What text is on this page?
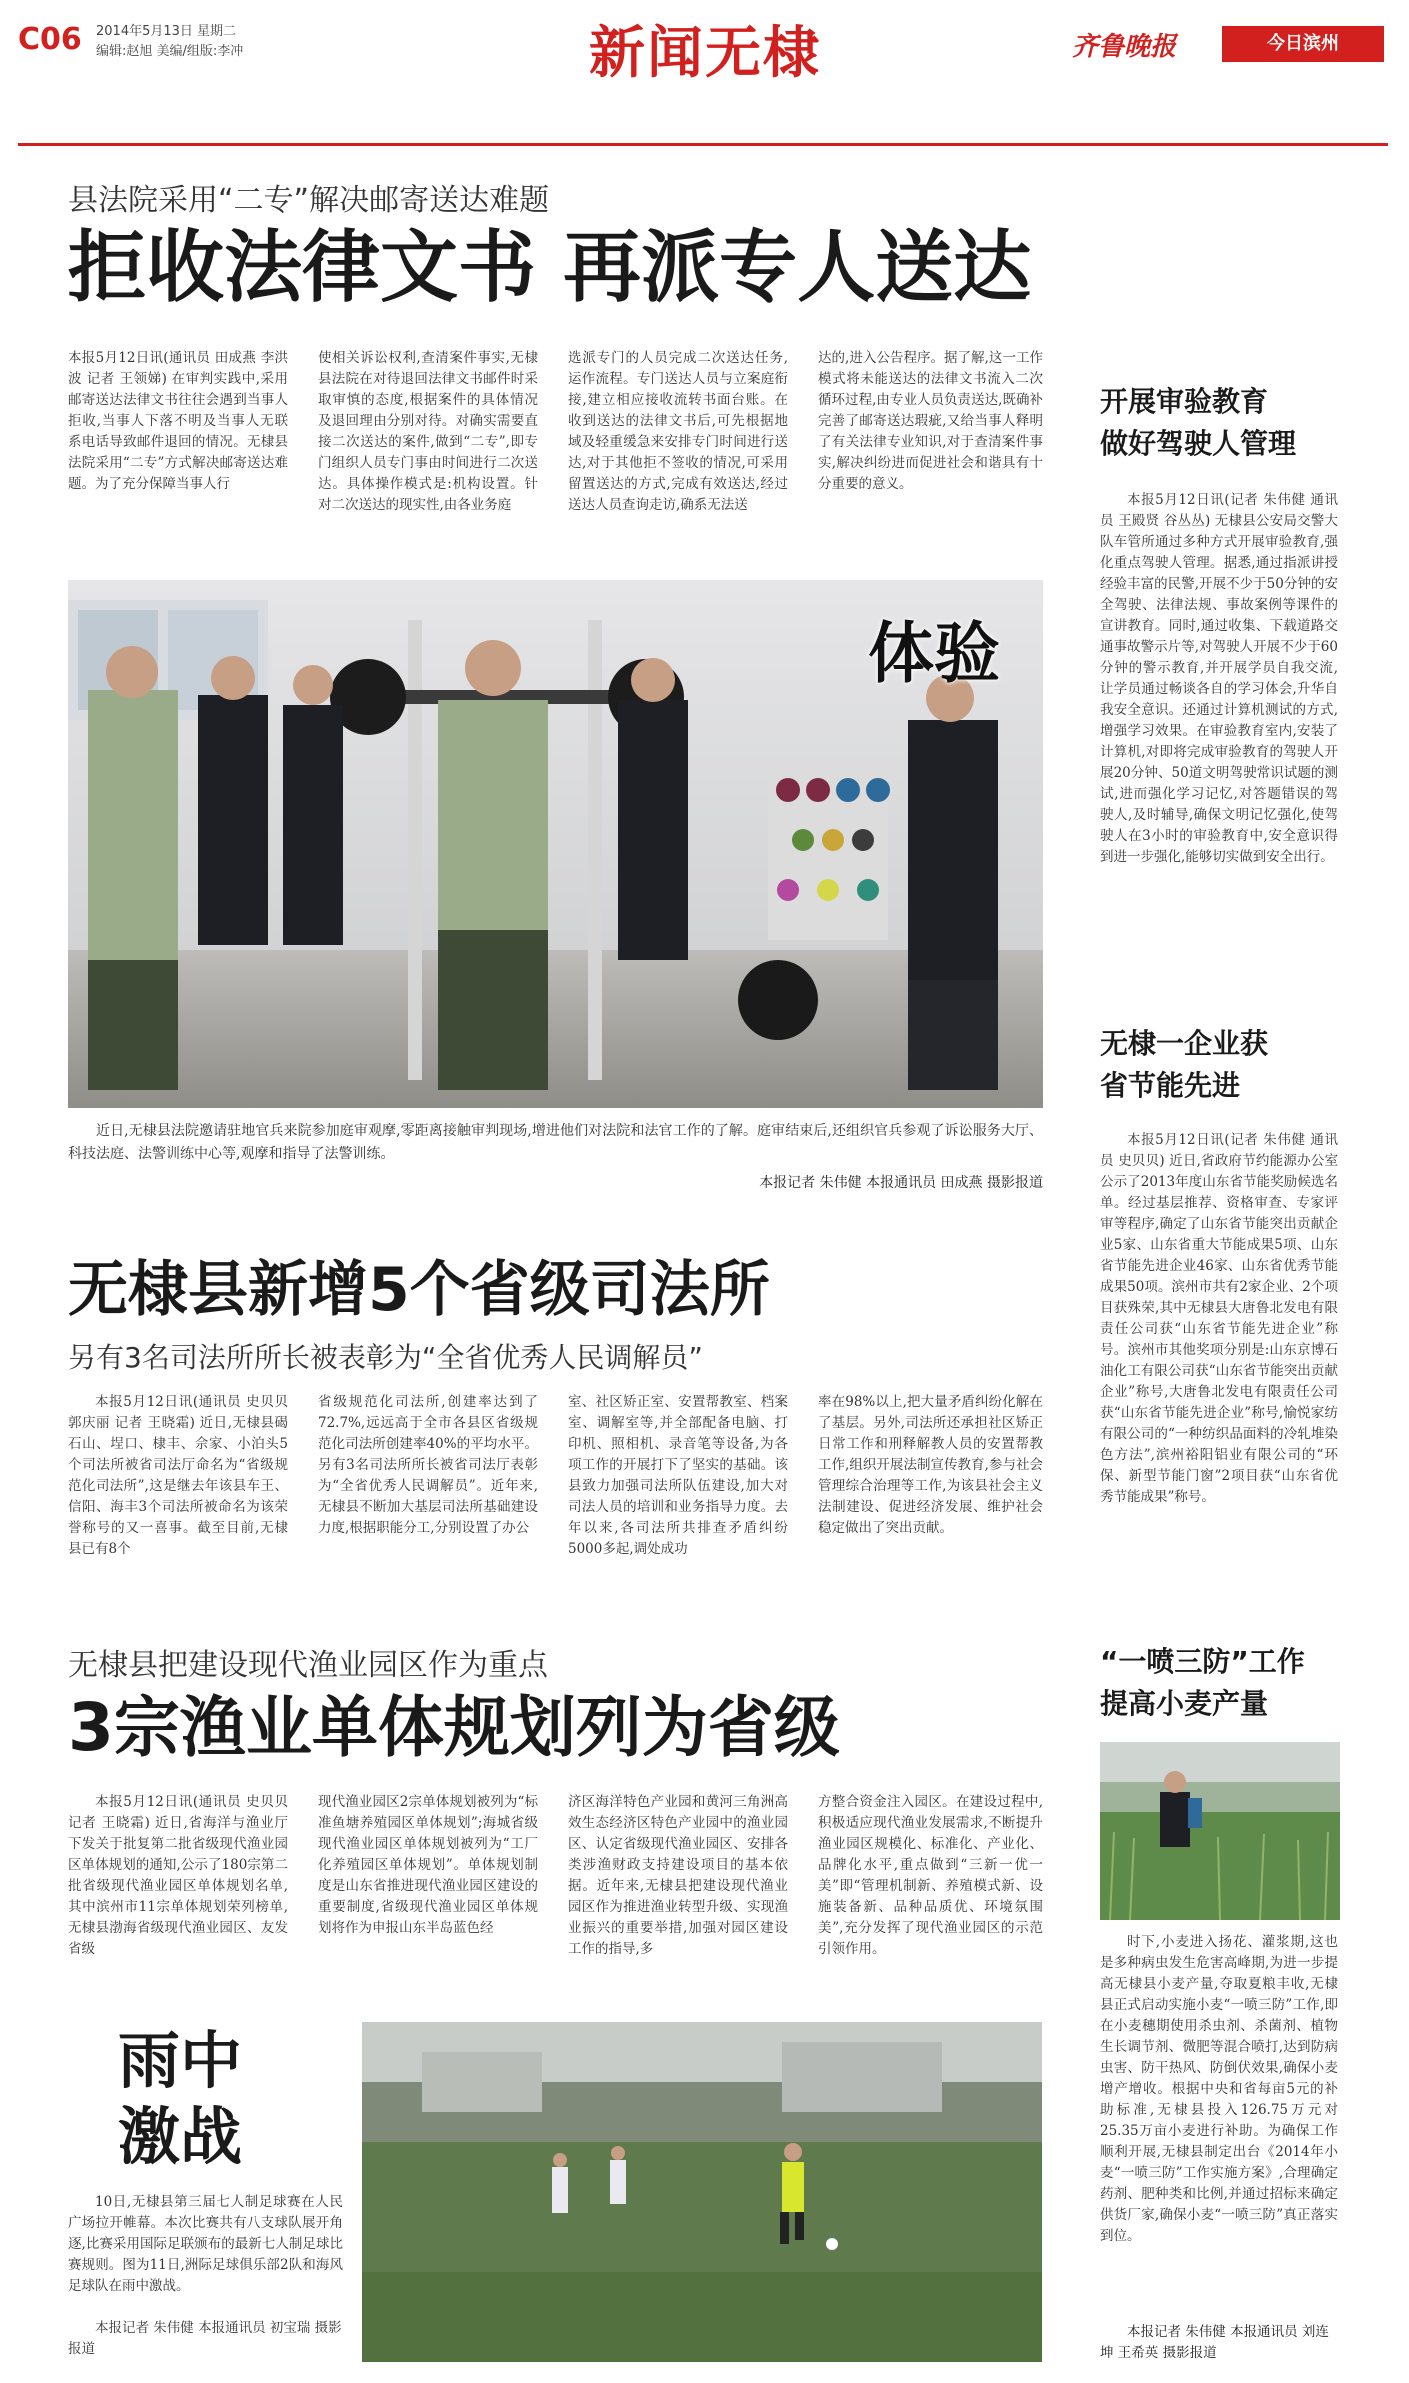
C06 2014年5月13日 星期二
编辑:赵旭 美编/组版:李冲	新闻无棣	齐鲁晚报	今日滨州
县法院采用“二专”解决邮寄送达难题
拒收法律文书 再派专人送达

本报5月12日讯(通讯员 田成燕 李洪波 记者 王领娣) 在审判实践中,采用邮寄送达法律文书往往会遇到当事人拒收,当事人下落不明及当事人无联系电话导致邮件退回的情况。无棣县法院采用“二专”方式解决邮寄送达难题。为了充分保障当事人行

使相关诉讼权利,查清案件事实,无棣县法院在对待退回法律文书邮件时采取审慎的态度,根据案件的具体情况及退回理由分别对待。对确实需要直接二次送达的案件,做到“二专”,即专门组织人员专门事由时间进行二次送达。具体操作模式是:机构设置。针对二次送达的现实性,由各业务庭

选派专门的人员完成二次送达任务,运作流程。专门送达人员与立案庭衔接,建立相应接收流转书面台账。在收到送达的法律文书后,可先根据地域及轻重缓急来安排专门时间进行送达,对于其他拒不签收的情况,可采用留置送达的方式,完成有效送达,经过送达人员查询走访,确系无法送

达的,进入公告程序。据了解,这一工作模式将未能送达的法律文书流入二次循环过程,由专业人员负责送达,既确补完善了邮寄送达瑕疵,又给当事人释明了有关法律专业知识,对于查清案件事实,解决纠纷进而促进社会和谐具有十分重要的意义。

体验

近日,无棣县法院邀请驻地官兵来院参加庭审观摩,零距离接触审判现场,增进他们对法院和法官工作的了解。庭审结束后,还组织官兵参观了诉讼服务大厅、科技法庭、法警训练中心等,观摩和指导了法警训练。

本报记者 朱伟健 本报通讯员 田成燕 摄影报道
开展审验教育
做好驾驶人管理

本报5月12日讯(记者 朱伟健 通讯员 王殿贤 谷丛丛) 无棣县公安局交警大队车管所通过多种方式开展审验教育,强化重点驾驶人管理。据悉,通过指派讲授经验丰富的民警,开展不少于50分钟的安全驾驶、法律法规、事故案例等课件的宣讲教育。同时,通过收集、下载道路交通事故警示片等,对驾驶人开展不少于60分钟的警示教育,并开展学员自我交流,让学员通过畅谈各自的学习体会,升华自我安全意识。还通过计算机测试的方式,增强学习效果。在审验教育室内,安装了计算机,对即将完成审验教育的驾驶人开展20分钟、50道文明驾驶常识试题的测试,进而强化学习记忆,对答题错误的驾驶人,及时辅导,确保文明记忆强化,使驾驶人在3小时的审验教育中,安全意识得到进一步强化,能够切实做到安全出行。

无棣一企业获
省节能先进

本报5月12日讯(记者 朱伟健 通讯员 史贝贝) 近日,省政府节约能源办公室公示了2013年度山东省节能奖励候选名单。经过基层推荐、资格审查、专家评审等程序,确定了山东省节能突出贡献企业5家、山东省重大节能成果5项、山东省节能先进企业46家、山东省优秀节能成果50项。滨州市共有2家企业、2个项目获殊荣,其中无棣县大唐鲁北发电有限责任公司获“山东省节能先进企业”称号。滨州市其他奖项分别是:山东京博石油化工有限公司获“山东省节能突出贡献企业”称号,大唐鲁北发电有限责任公司获“山东省节能先进企业”称号,愉悦家纺有限公司的“一种纺织品面料的冷轧堆染色方法”,滨州裕阳铝业有限公司的“环保、新型节能门窗”2项目获“山东省优秀节能成果”称号。

无棣县新增5个省级司法所
另有3名司法所所长被表彰为“全省优秀人民调解员”

本报5月12日讯(通讯员 史贝贝 郭庆丽 记者 王晓霜) 近日,无棣县碣石山、埕口、棣丰、佘家、小泊头5个司法所被省司法厅命名为“省级规范化司法所”,这是继去年该县车王、信阳、海丰3个司法所被命名为该荣誉称号的又一喜事。截至目前,无棣县已有8个

省级规范化司法所,创建率达到了72.7%,远远高于全市各县区省级规范化司法所创建率40%的平均水平。另有3名司法所所长被省司法厅表彰为“全省优秀人民调解员”。近年来,无棣县不断加大基层司法所基础建设力度,根据职能分工,分别设置了办公

室、社区矫正室、安置帮教室、档案室、调解室等,并全部配备电脑、打印机、照相机、录音笔等设备,为各项工作的开展打下了坚实的基础。该县致力加强司法所队伍建设,加大对司法人员的培训和业务指导力度。去年以来,各司法所共排查矛盾纠纷5000多起,调处成功

率在98%以上,把大量矛盾纠纷化解在了基层。另外,司法所还承担社区矫正日常工作和刑释解教人员的安置帮教工作,组织开展法制宣传教育,参与社会管理综合治理等工作,为该县社会主义法制建设、促进经济发展、维护社会稳定做出了突出贡献。

无棣县把建设现代渔业园区作为重点
3宗渔业单体规划列为省级

本报5月12日讯(通讯员 史贝贝 记者 王晓霜) 近日,省海洋与渔业厅下发关于批复第二批省级现代渔业园区单体规划的通知,公示了180宗第二批省级现代渔业园区单体规划名单,其中滨州市11宗单体规划荣列榜单,无棣县渤海省级现代渔业园区、友发省级

现代渔业园区2宗单体规划被列为“标准鱼塘养殖园区单体规划”;海城省级现代渔业园区单体规划被列为“工厂化养殖园区单体规划”。单体规划制度是山东省推进现代渔业园区建设的重要制度,省级现代渔业园区单体规划将作为申报山东半岛蓝色经

济区海洋特色产业园和黄河三角洲高效生态经济区特色产业园中的渔业园区、认定省级现代渔业园区、安排各类涉渔财政支持建设项目的基本依据。近年来,无棣县把建设现代渔业园区作为推进渔业转型升级、实现渔业振兴的重要举措,加强对园区建设工作的指导,多

方整合资金注入园区。在建设过程中,积极适应现代渔业发展需求,不断提升渔业园区规模化、标准化、产业化、品牌化水平,重点做到“三新一优一美”即“管理机制新、养殖模式新、设施装备新、品种品质优、环境氛围美”,充分发挥了现代渔业园区的示范引领作用。

“一喷三防”工作
提高小麦产量

时下,小麦进入扬花、灌浆期,这也是多种病虫发生危害高峰期,为进一步提高无棣县小麦产量,夺取夏粮丰收,无棣县正式启动实施小麦“一喷三防”工作,即在小麦穗期使用杀虫剂、杀菌剂、植物生长调节剂、微肥等混合喷打,达到防病虫害、防干热风、防倒伏效果,确保小麦增产增收。根据中央和省每亩5元的补助标准,无棣县投入126.75万元对25.35万亩小麦进行补助。为确保工作顺利开展,无棣县制定出台《2014年小麦“一喷三防”工作实施方案》,合理确定药剂、肥种类和比例,并通过招标来确定供货厂家,确保小麦“一喷三防”真正落实到位。

本报记者 朱伟健 本报通讯员 刘连坤 王希英 摄影报道
雨中
激战

10日,无棣县第三届七人制足球赛在人民广场拉开帷幕。本次比赛共有八支球队展开角逐,比赛采用国际足联颁布的最新七人制足球比赛规则。图为11日,洲际足球俱乐部2队和海风足球队在雨中激战。

本报记者 朱伟健 本报通讯员 初宝瑞 摄影报道
